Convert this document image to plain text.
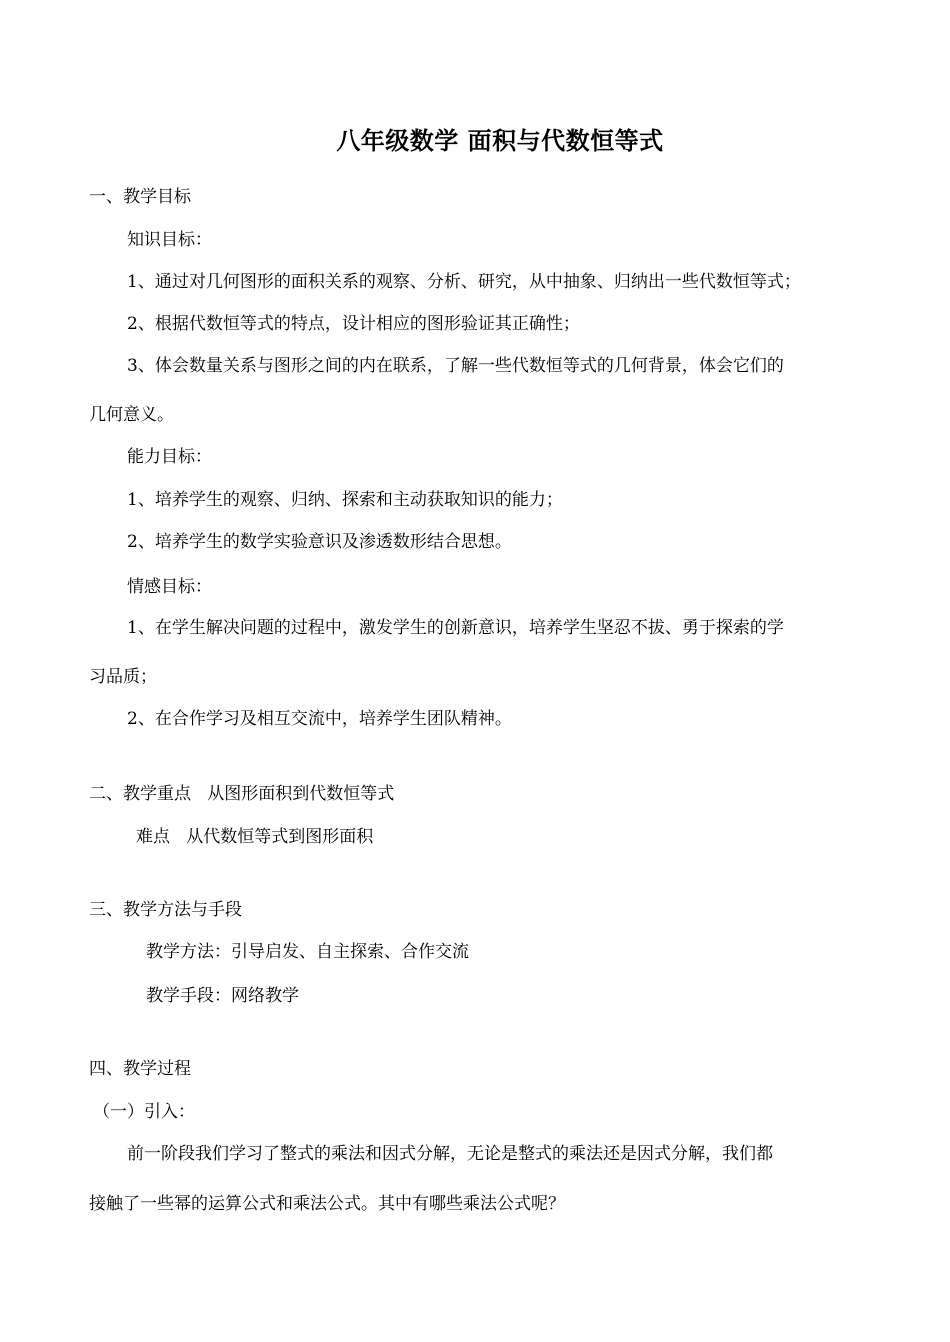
八年级数学 面积与代数恒等式
一、教学目标
知识目标：
1、通过对几何图形的面积关系的观察、分析、研究，从中抽象、归纳出一些代数恒等式；
2、根据代数恒等式的特点，设计相应的图形验证其正确性；
3、体会数量关系与图形之间的内在联系，了解一些代数恒等式的几何背景，体会它们的
几何意义。
能力目标：
1、培养学生的观察、归纳、探索和主动获取知识的能力；
2、培养学生的数学实验意识及渗透数形结合思想。
情感目标：
1、在学生解决问题的过程中，激发学生的创新意识，培养学生坚忍不拔、勇于探索的学
习品质；
2、在合作学习及相互交流中，培养学生团队精神。
二、教学重点   从图形面积到代数恒等式
难点   从代数恒等式到图形面积
三、教学方法与手段
教学方法：引导启发、自主探索、合作交流
教学手段：网络教学
四、教学过程
（一）引入：
前一阶段我们学习了整式的乘法和因式分解，无论是整式的乘法还是因式分解，我们都
接触了一些幂的运算公式和乘法公式。其中有哪些乘法公式呢？
